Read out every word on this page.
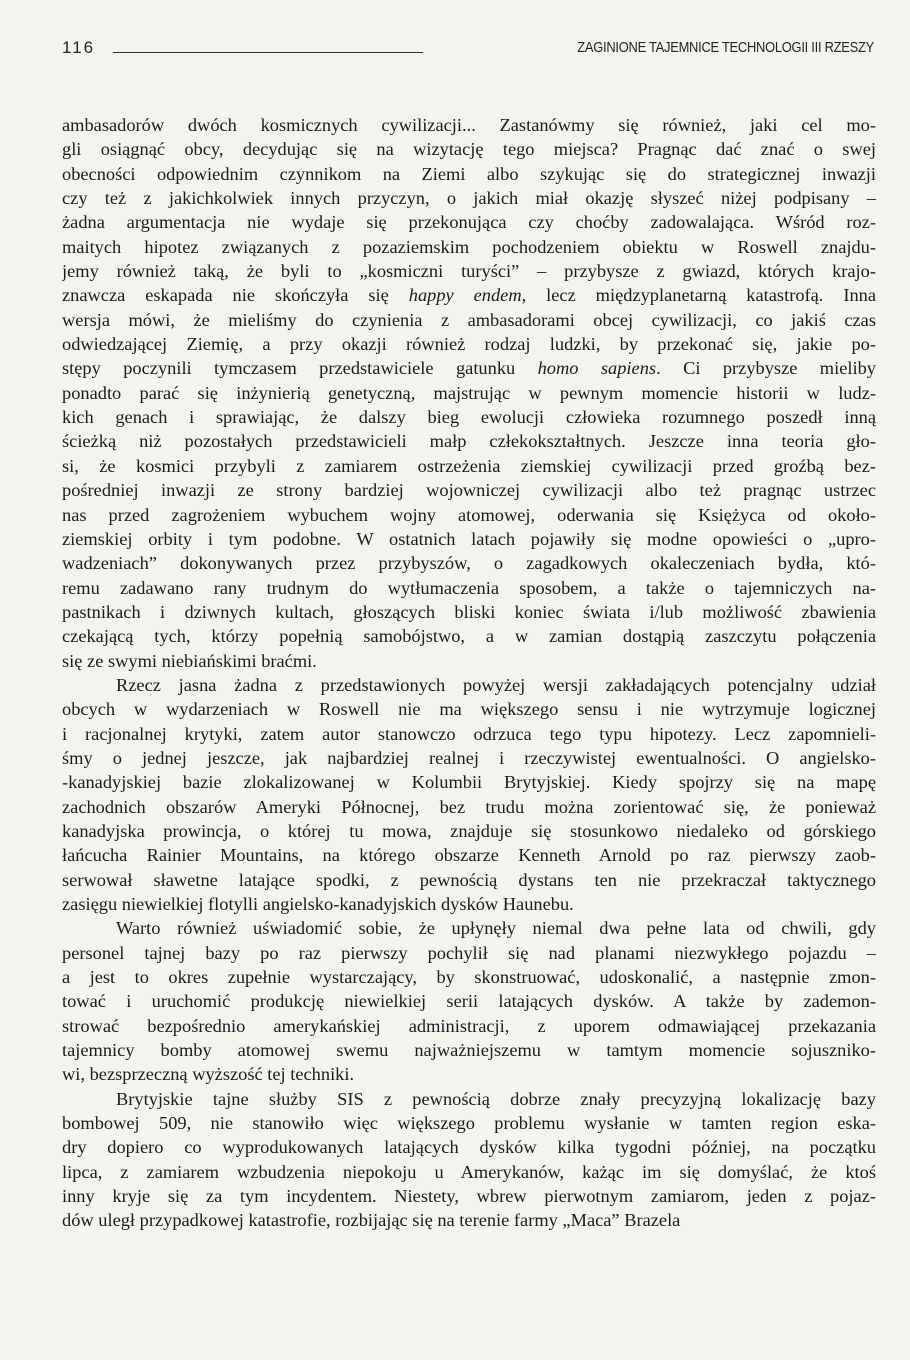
116	ZAGINIONE TAJEMNICE TECHNOLOGII III RZESZY

ambasadorów dwóch kosmicznych cywilizacji... Zastanówmy się również, jaki cel mo-
gli osiągnąć obcy, decydując się na wizytację tego miejsca? Pragnąc dać znać o swej
obecności odpowiednim czynnikom na Ziemi albo szykując się do strategicznej inwazji
czy też z jakichkolwiek innych przyczyn, o jakich miał okazję słyszeć niżej podpisany –
żadna argumentacja nie wydaje się przekonująca czy choćby zadowalająca. Wśród roz-
maitych hipotez związanych z pozaziemskim pochodzeniem obiektu w Roswell znajdu-
jemy również taką, że byli to „kosmiczni turyści” – przybysze z gwiazd, których krajo-
znawcza eskapada nie skończyła się happy endem, lecz międzyplanetarną katastrofą. Inna
wersja mówi, że mieliśmy do czynienia z ambasadorami obcej cywilizacji, co jakiś czas
odwiedzającej Ziemię, a przy okazji również rodzaj ludzki, by przekonać się, jakie po-
stępy poczynili tymczasem przedstawiciele gatunku homo sapiens. Ci przybysze mieliby
ponadto parać się inżynierią genetyczną, majstrując w pewnym momencie historii w ludz-
kich genach i sprawiając, że dalszy bieg ewolucji człowieka rozumnego poszedł inną
ścieżką niż pozostałych przedstawicieli małp człekokształtnych. Jeszcze inna teoria gło-
si, że kosmici przybyli z zamiarem ostrzeżenia ziemskiej cywilizacji przed groźbą bez-
pośredniej inwazji ze strony bardziej wojowniczej cywilizacji albo też pragnąc ustrzec
nas przed zagrożeniem wybuchem wojny atomowej, oderwania się Księżyca od około-
ziemskiej orbity i tym podobne. W ostatnich latach pojawiły się modne opowieści o „upro-
wadzeniach” dokonywanych przez przybyszów, o zagadkowych okaleczeniach bydła, któ-
remu zadawano rany trudnym do wytłumaczenia sposobem, a także o tajemniczych na-
pastnikach i dziwnych kultach, głoszących bliski koniec świata i/lub możliwość zbawienia
czekającą tych, którzy popełnią samobójstwo, a w zamian dostąpią zaszczytu połączenia
się ze swymi niebiańskimi braćmi.

Rzecz jasna żadna z przedstawionych powyżej wersji zakładających potencjalny udział
obcych w wydarzeniach w Roswell nie ma większego sensu i nie wytrzymuje logicznej
i racjonalnej krytyki, zatem autor stanowczo odrzuca tego typu hipotezy. Lecz zapomnieli-
śmy o jednej jeszcze, jak najbardziej realnej i rzeczywistej ewentualności. O angielsko-
-kanadyjskiej bazie zlokalizowanej w Kolumbii Brytyjskiej. Kiedy spojrzy się na mapę
zachodnich obszarów Ameryki Północnej, bez trudu można zorientować się, że ponieważ
kanadyjska prowincja, o której tu mowa, znajduje się stosunkowo niedaleko od górskiego
łańcucha Rainier Mountains, na którego obszarze Kenneth Arnold po raz pierwszy zaob-
serwował sławetne latające spodki, z pewnością dystans ten nie przekraczał taktycznego
zasięgu niewielkiej flotylli angielsko-kanadyjskich dysków Haunebu.

Warto również uświadomić sobie, że upłynęły niemal dwa pełne lata od chwili, gdy
personel tajnej bazy po raz pierwszy pochylił się nad planami niezwykłego pojazdu –
a jest to okres zupełnie wystarczający, by skonstruować, udoskonalić, a następnie zmon-
tować i uruchomić produkcję niewielkiej serii latających dysków. A także by zademon-
strować bezpośrednio amerykańskiej administracji, z uporem odmawiającej przekazania
tajemnicy bomby atomowej swemu najważniejszemu w tamtym momencie sojuszniko-
wi, bezsprzeczną wyższość tej techniki.

Brytyjskie tajne służby SIS z pewnością dobrze znały precyzyjną lokalizację bazy
bombowej 509, nie stanowiło więc większego problemu wysłanie w tamten region eska-
dry dopiero co wyprodukowanych latających dysków kilka tygodni później, na początku
lipca, z zamiarem wzbudzenia niepokoju u Amerykanów, każąc im się domyślać, że ktoś
inny kryje się za tym incydentem. Niestety, wbrew pierwotnym zamiarom, jeden z pojaz-
dów uległ przypadkowej katastrofie, rozbijając się na terenie farmy „Maca” Brazela
